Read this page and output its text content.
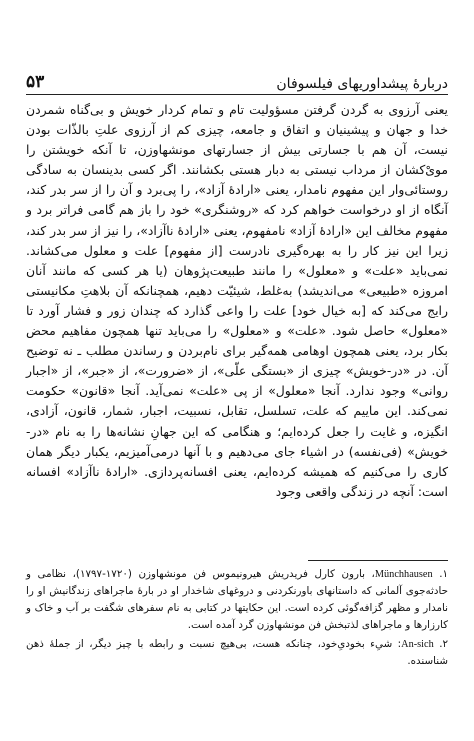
دربارهٔ پیشداوریهای فیلسوفان
۵۳

یعنی آرزوی به گردن گرفتن مسؤولیت تام و تمام کردار خویش و بی‌گناه شمردن خدا و جهان و پیشینیان و اتفاق و جامعه، چیزی کم از آرزوی علتِ بالذّات بودن نیست، آن هم با جسارتی بیش از جسارتهای مونشهاوزن، تا آنکه خویشتن را مویْ‌کشان از مرداب نیستی به دبار هستی بکشانند. اگر کسی بدینسان به سادگی روستائی‌وار این مفهوم نامدار، یعنی «ارادهٔ آزاد»، را پی‌برد و آن را از سر بدر کند، آنگاه از او درخواست خواهم کرد که «روشنگری» خود را باز هم گامی فراتر برد و مفهوم مخالف این «ارادهٔ آزاد» نامفهوم، یعنی «ارادهٔ ناآزاد»، را نیز از سر بدر کند، زیرا این نیز کار را به بهره‌گیری نادرست [از مفهوم] علت و معلول می‌کشاند. نمی‌باید «علت» و «معلول» را مانند طبیعت‌پژوهان (یا هر کسی که مانند آنان امروزه «طبیعی» می‌اندیشد) به‌غلط، شیئیّت دهیم، همچنانکه آن بلاهتِ مکانیستی رایج می‌کند که [به خیال خود] علت را واعی گذارد که چندان زور و فشار آورد تا «معلول» حاصل شود. «علت» و «معلول» را می‌باید تنها همچون مفاهیم محض بکار برد، یعنی همچون اوهامی همه‌گیر برای نام‌بردن و رساندن مطلب ـ نه توضیح آن. در «در-خویش» چیزی از «بستگی علّی»، از «ضرورت»، از «جبر»، از «اجبار روانی» وجود ندارد. آنجا «معلول» از پی «علت» نمی‌آید. آنجا «قانون» حکومت نمی‌کند. این ماییم که علت، تسلسل، تقابل، نسبیت، اجبار، شمار، قانون، آزادی، انگیزه، و غایت را جعل کرده‌ایم؛ و هنگامی که این جهانِ نشانه‌ها را به نام «در-خویش» (فی‌نفسه) در اشیاء جای می‌دهیم و با آنها درمی‌آمیزیم، یکبار دیگر همان کاری را می‌کنیم که همیشه کرده‌ایم، یعنی افسانه‌پردازی. «ارادهٔ ناآزاد» افسانه است: آنچه در زندگی واقعی وجود

۱. Münchhausen، بارون کارل فریدریش هیرونیموس فن مونشهاوزن (۱۷۲۰-۱۷۹۷)، نظامی و حادثه‌جوی آلمانی که داستانهای باورنکردنی و دروغهای شاخدار او در بارهٔ ماجراهای زندگانیش او را نامدار و مظهر گزافه‌گوئی کرده است. این حکایتها در کتابی به نام سفرهای شگفت بر آب و خاک و کارزارها و ماجراهای لذتبخش فن مونشهاوزن گرد آمده است.

۲. An-sich: شیِء بخودیِ‌خود، چنانکه هست، بی‌هیچ نسبت و رابطه با چیز دیگر، از جملهٔ ذهن شناسنده.
